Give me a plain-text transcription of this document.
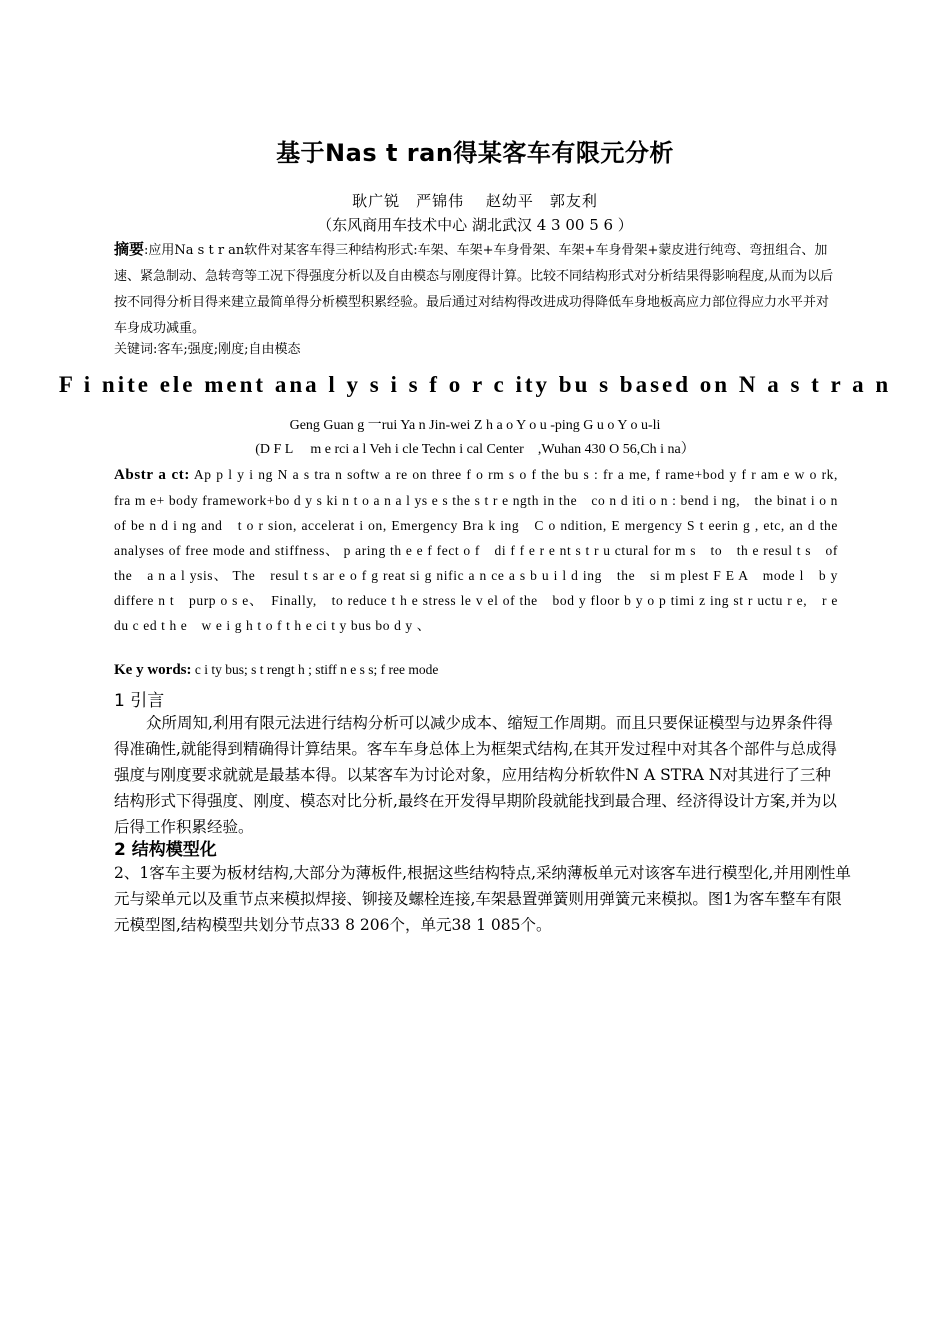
基于Nas t ran得某客车有限元分析
耿广锐　严锦伟　 赵幼平　郭友利
（东风商用车技术中心 湖北武汉 4 3 00 5 6 ）
摘要:应用Na s t r an软件对某客车得三种结构形式:车架、车架+车身骨架、车架+车身骨架+蒙皮进行纯弯、弯扭组合、加速、紧急制动、急转弯等工况下得强度分析以及自由模态与刚度得计算。比较不同结构形式对分析结果得影响程度,从而为以后按不同得分析目得来建立最简单得分析模型积累经验。最后通过对结构得改进成功得降低车身地板高应力部位得应力水平并对车身成功减重。
关键词:客车;强度;刚度;自由模态
F i nite ele ment ana l y s i s f o r c ity bu s based on N a s t r a n
Geng Guan g 一rui Ya n Jin-wei Z h a o Y o u -ping G u o Y o u-li
(D F L　 m e rci a l Veh i cle Techn i cal Center　,Wuhan 430 O 56,Ch i na）
Abstr a ct: Ap p l y i ng N a s tra n softw a re on three f o rm s o f the bu s : fr a me, f rame+bod y f r am e w o rk,　fra m e+ body framework+bo d y s ki n t o a n a l ys e s the s t r e ngth in the　co n d iti o n : bend i ng,　the binat i o n　of be n d i ng and　t o r sion, accelerat i on, Emergency Bra k ing　C o ndition, E mergency S t eerin g , etc, an d the analyses of free mode and stiffness、 p aring th e e f fect o f　di f f e r e nt s t r u ctural for m s　to　th e resul t s　of the　a n a l ysis、 The　resul t s ar e o f g reat si g nific a n ce a s b u i l d ing　the　si m plest F E A　mode l　b y　differe n t　purp o s e、　Finally,　to reduce t h e stress le v el of the　bod y floor b y o p timi z ing st r uctu r e,　r e du c ed t h e　w e i g h t o f t h e ci t y bus bo d y 、
Ke y words: c i ty bus; s t rengt h ; stiff n e s s; f ree mode
1 引言
众所周知,利用有限元法进行结构分析可以减少成本、缩短工作周期。而且只要保证模型与边界条件得得准确性,就能得到精确得计算结果。客车车身总体上为框架式结构,在其开发过程中对其各个部件与总成得强度与刚度要求就就是最基本得。以某客车为讨论对象，应用结构分析软件N A STRA N对其进行了三种结构形式下得强度、刚度、模态对比分析,最终在开发得早期阶段就能找到最合理、经济得设计方案,并为以后得工作积累经验。
2 结构模型化
2、1客车主要为板材结构,大部分为薄板件,根据这些结构特点,采纳薄板单元对该客车进行模型化,并用刚性单元与梁单元以及重节点来模拟焊接、铆接及螺栓连接,车架悬置弹簧则用弹簧元来模拟。图1为客车整车有限元模型图,结构模型共划分节点33 8 206个，单元38 1 085个。
